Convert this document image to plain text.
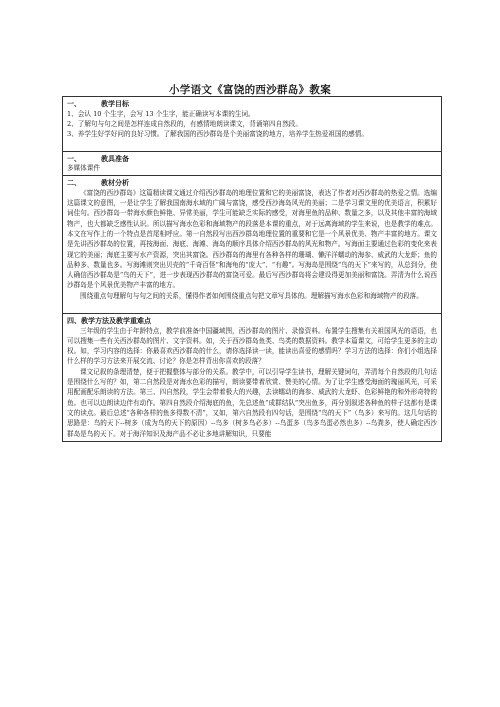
小学语文《富饶的西沙群岛》教案
一、	教学目标
1、会认 10 个生字，会写 13 个生字，能正确读写本课的生词。
2、了解句与句之间是怎样连成自然段的，有感情地朗读课文，背诵第四自然段。
3、养学生好学好问的良好习惯。了解我国的西沙群岛是个美丽富饶的地方，培养学生热爱祖国的感情。
一、	教具准备
多媒体课件
二、	教材分析
《富饶的西沙群岛》这篇精读课文通过介绍西沙群岛的地理位置和它的美丽富饶，表达了作者对西沙群岛的热爱之情。选编这篇课文的意图，一是让学生了解我国南海水域的广阔与富饶，感受西沙海岛风光的美丽；二是学习课文里的优美语言，积累好词佳句。西沙群岛一带海水颜色鲜艳、异常美丽，学生可能缺乏实际的感受，对海里鱼的品种、数量之多，以及其他丰富的海域物产，也大都缺乏感性认识。所以描写海水色彩和海域物产的段落是本课的重点，对于远离海域的学生来说，也是教学的难点。本文在写作上的一个特点是首尾相呼应。第一自然段写出西沙群岛地理位置的重要和它是一个风景优美、物产丰富的地方。课文是先讲西沙群岛的位置，再按海面、海底、海滩、海岛的顺序具体介绍西沙群岛的风光和物产。写海面主要通过色彩的变化来表现它的美丽；海底主要写水产资源，突出其富饶。西沙群岛的海里有各种各样的珊瑚、懒洋洋蠕动的海参、威武的大龙虾；鱼的品种多、数量也多。写海滩则突出贝壳的“千奇百怪”和海龟的“庞大”、“有趣”。写海岛是围绕“鸟的天下”来写的，从总到分，使人确信西沙群岛是“鸟的天下”，进一步表现西沙群岛的富饶可爱。最后写西沙群岛将会建设得更加美丽和富饶。弄清为什么说西沙群岛是个风景优美物产丰富的地方。
围绕重点句理解句与句之间的关系，懂得作者如何围绕重点句把文章写具体的。理解描写海水色彩和海域物产的段落。
四、教学方法及教学重难点
三年级的学生由于年龄特点，教学前准备中国疆域图，西沙群岛的图片、录像资料。布置学生搜集有关祖国风光的语语，也可以搜集一些有关西沙群岛的图片、文字资料。如，关于西沙群岛鱼类、鸟类的数据资料。教学本篇课文，可给学生更多的主动权。如，学习内容的选择：你最喜欢西沙群岛的什么，请你选择读一读，能读出喜爱的感情吗？学习方法的选择：你们小组选择什么样的学习方法来开展交流、讨论？你是怎样背出你喜欢的段落？
课文记叙的条理清楚，便于把握整体与部分的关系。教学中，可以引导学生读书，理解关键词句，弄清每个自然段的几句话是围绕什么写的？如，第二自然段是对海水色彩的描写，朗读要带着欣赏、赞美的心情。为了让学生感受海面的瑰丽风光，可采用配画配乐朗读的方法。第三、四自然段，学生会带着极大的兴趣，去读蠕动的海参、威武的大龙虾、色彩鲜艳的和外形奇特的鱼。也可以边朗读边伴有动作。第四自然段介绍海底的鱼，先总述鱼“成群结队”突出鱼多，再分别叙述各种鱼的样子这都有是课文的读点。最后总述“各种各样的鱼多得数不清”，又如，第六自然段有四句话，是围绕“鸟的天下”（鸟多）来写的。这几句话的思路是：鸟的天下--树多（成为鸟的天下的原因）--鸟多（树多鸟必多）--鸟蛋多（鸟多鸟蛋必然也多）--鸟粪多，使人确定西沙群岛是鸟的天下。对于海洋知识及海产品不必让多地讲解知识，只要能
